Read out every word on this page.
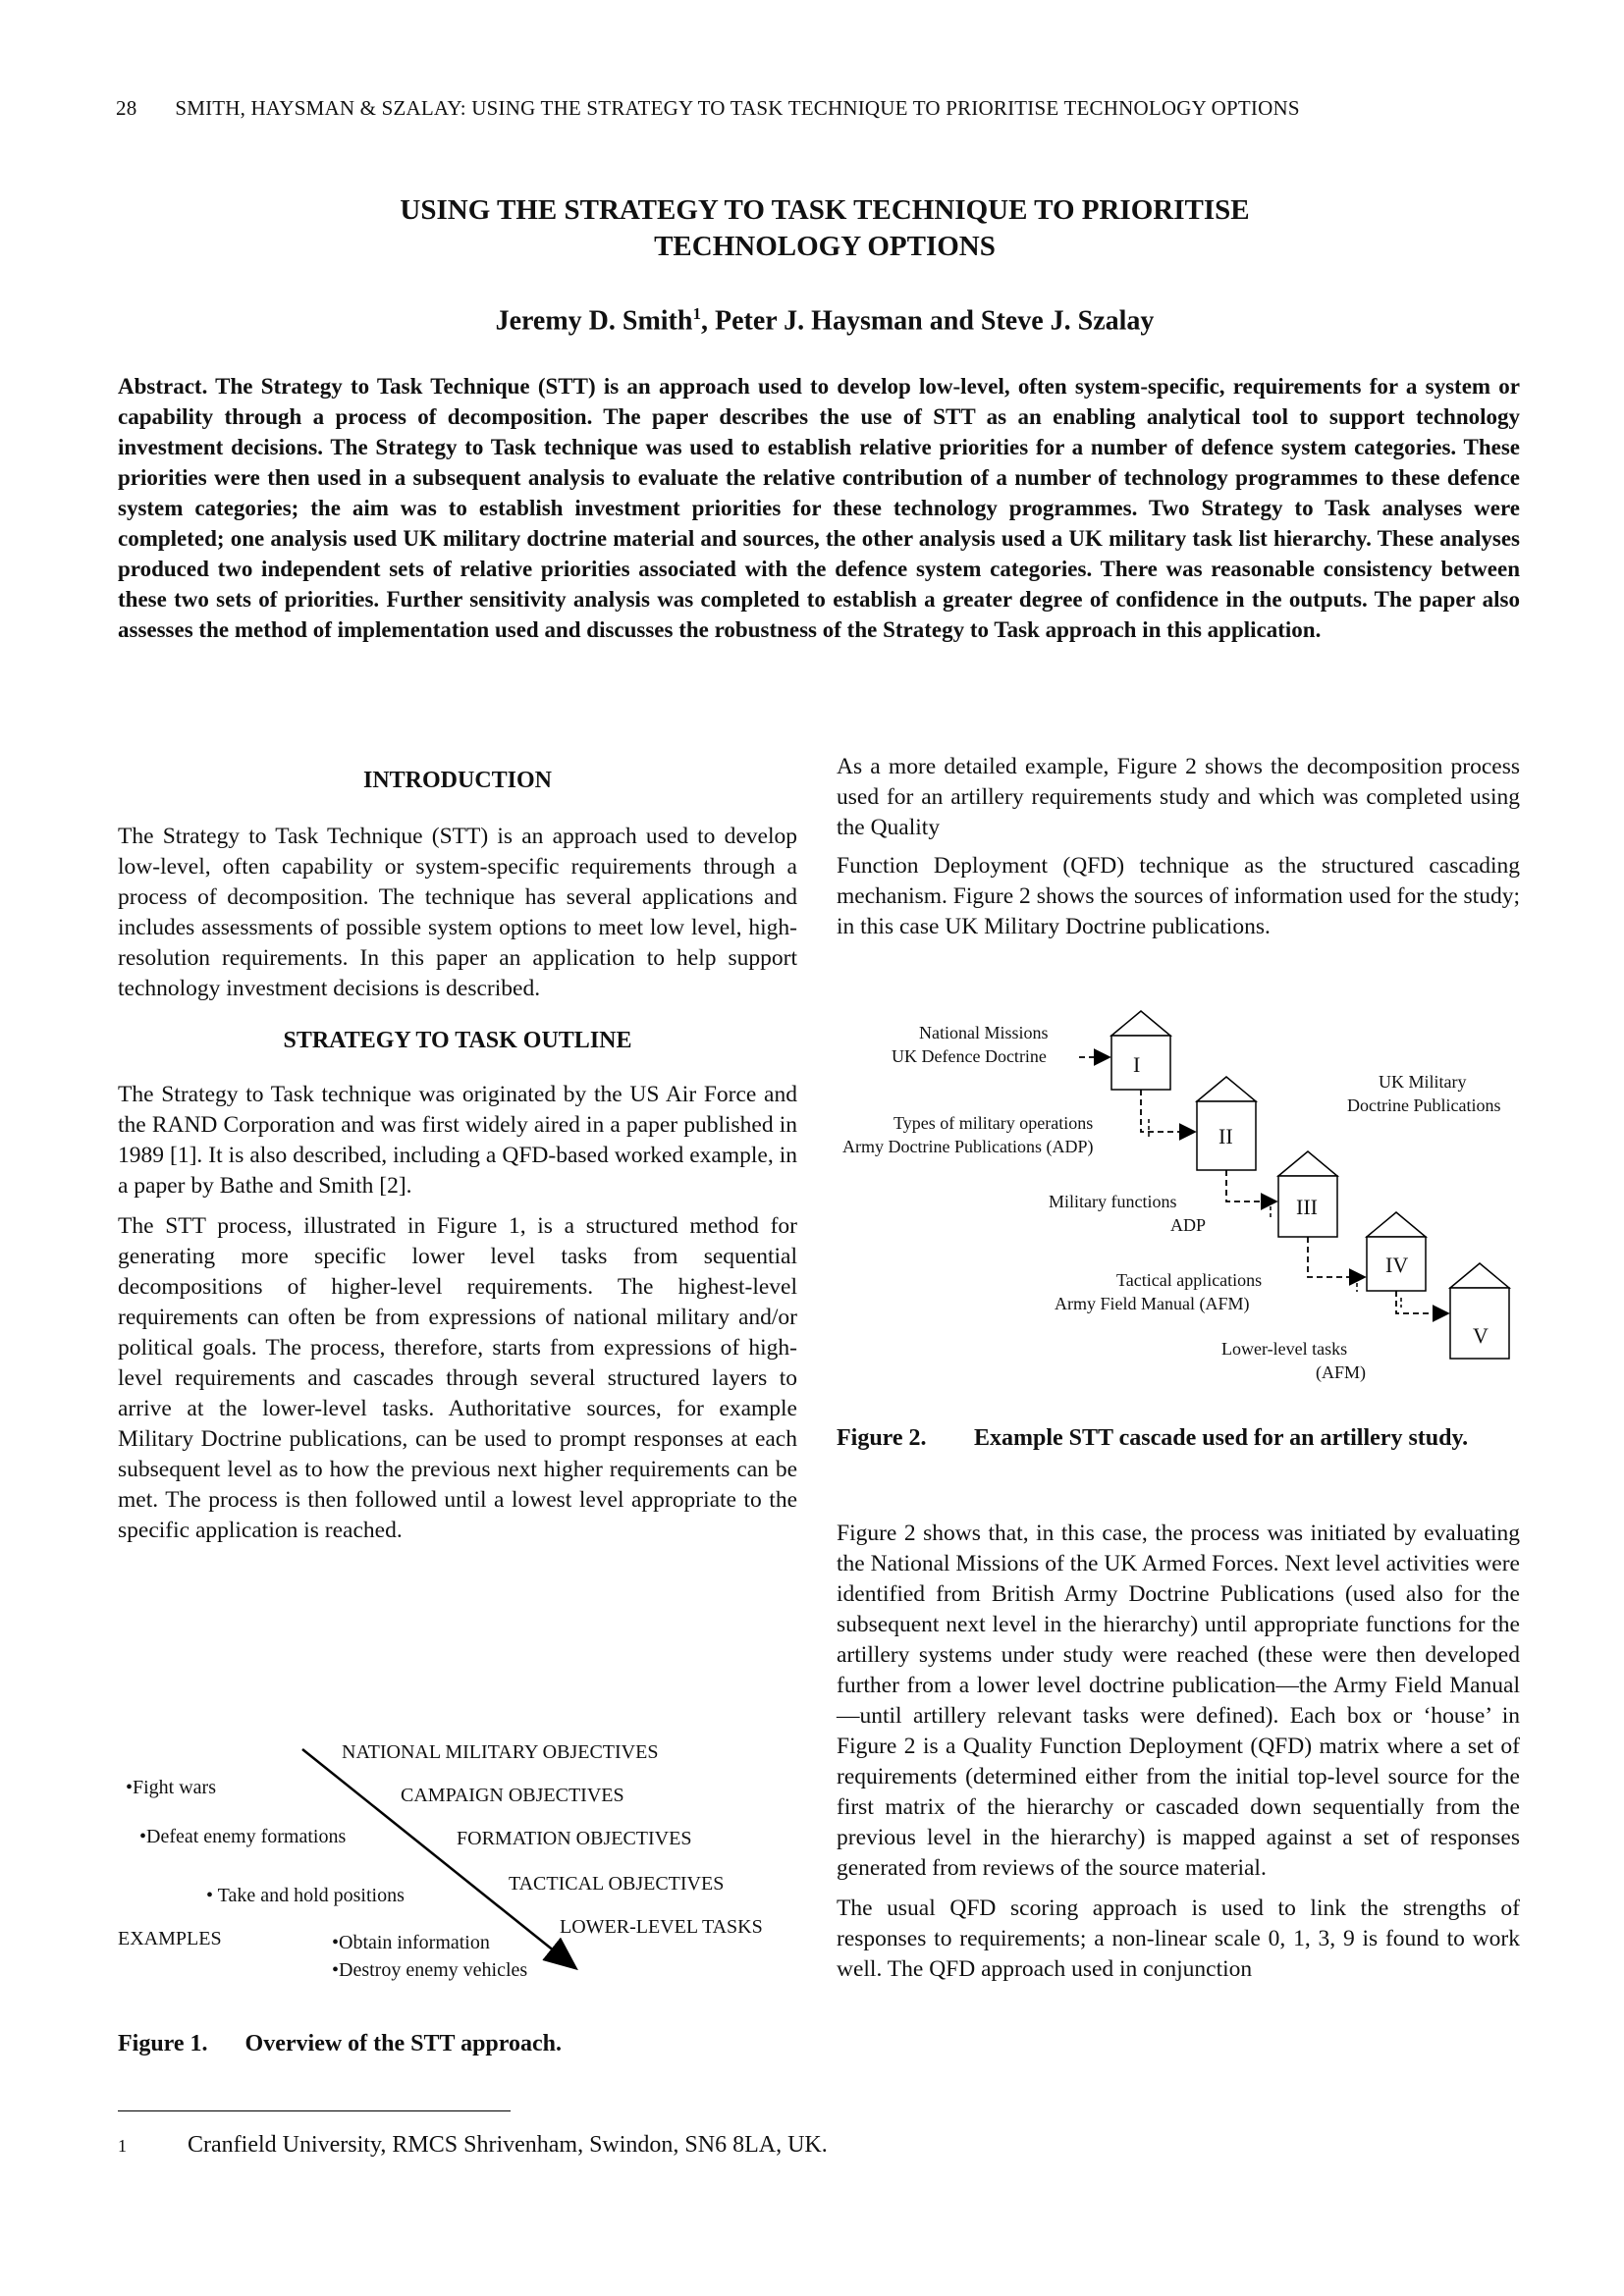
28 SMITH, HAYSMAN & SZALAY: USING THE STRATEGY TO TASK TECHNIQUE TO PRIORITISE TECHNOLOGY OPTIONS
USING THE STRATEGY TO TASK TECHNIQUE TO PRIORITISE
TECHNOLOGY OPTIONS
Jeremy D. Smith$^1$, Peter J. Haysman and Steve J. Szalay
Abstract. The Strategy to Task Technique (STT) is an approach used to develop low-level, often system-specific, requirements for a system or capability through a process of decomposition. The paper describes the use of STT as an enabling analytical tool to support technology investment decisions. The Strategy to Task technique was used to establish relative priorities for a number of defence system categories. These priorities were then used in a subsequent analysis to evaluate the relative contribution of a number of technology programmes to these defence system categories; the aim was to establish investment priorities for these technology programmes. Two Strategy to Task analyses were completed; one analysis used UK military doctrine material and sources, the other analysis used a UK military task list hierarchy. These analyses produced two independent sets of relative priorities associated with the defence system categories. There was reasonable consistency between these two sets of priorities. Further sensitivity analysis was completed to establish a greater degree of confidence in the outputs. The paper also assesses the method of implementation used and discusses the robustness of the Strategy to Task approach in this application.
INTRODUCTION

The Strategy to Task Technique (STT) is an approach used to develop low-level, often capability or system-specific requirements through a process of decomposition. The technique has several applications and includes assessments of possible system options to meet low level, high-resolution requirements. In this paper an application to help support technology investment decisions is described.

STRATEGY TO TASK OUTLINE

The Strategy to Task technique was originated by the US Air Force and the RAND Corporation and was first widely aired in a paper published in 1989 [1]. It is also described, including a QFD-based worked example, in a paper by Bathe and Smith [2].

The STT process, illustrated in Figure 1, is a structured method for generating more specific lower level tasks from sequential decompositions of higher-level requirements. The highest-level requirements can often be from expressions of national military and/or political goals. The process, therefore, starts from expressions of high-level requirements and cascades through several structured layers to arrive at the lower-level tasks. Authoritative sources, for example Military Doctrine publications, can be used to prompt responses at each subsequent level as to how the previous next higher requirements can be met. The process is then followed until a lowest level appropriate to the specific application is reached.

NATIONAL MILITARY OBJECTIVES
CAMPAIGN OBJECTIVES
FORMATION OBJECTIVES
TACTICAL OBJECTIVES
LOWER-LEVEL TASKS
•Fight wars
•Defeat enemy formations
• Take and hold positions
EXAMPLES	•Obtain information
•Destroy enemy vehicles
Figure 1. Overview of the STT approach.

As a more detailed example, Figure 2 shows the decomposition process used for an artillery requirements study and which was completed using the Quality

Function Deployment (QFD) technique as the structured cascading mechanism. Figure 2 shows the sources of information used for the study; in this case UK Military Doctrine publications.

I
II
III
IV
V
National Missions
UK Defence Doctrine
Types of military operations
Army Doctrine Publications (ADP)
Military functions
ADP
Tactical applications
Army Field Manual (AFM)
Lower-level tasks
(AFM)
UK Military
Doctrine Publications
Figure 2. Example STT cascade used for an artillery study.

Figure 2 shows that, in this case, the process was initiated by evaluating the National Missions of the UK Armed Forces. Next level activities were identified from British Army Doctrine Publications (used also for the subsequent next level in the hierarchy) until appropriate functions for the artillery systems under study were reached (these were then developed further from a lower level doctrine publication—the Army Field Manual—until artillery relevant tasks were defined). Each box or ‘house’ in Figure 2 is a Quality Function Deployment (QFD) matrix where a set of requirements (determined either from the initial top-level source for the first matrix of the hierarchy or cascaded down sequentially from the previous level in the hierarchy) is mapped against a set of responses generated from reviews of the source material.

The usual QFD scoring approach is used to link the strengths of responses to requirements; a non-linear scale 0, 1, 3, 9 is found to work well. The QFD approach used in conjunction

1	Cranfield University, RMCS Shrivenham, Swindon, SN6 8LA, UK.
